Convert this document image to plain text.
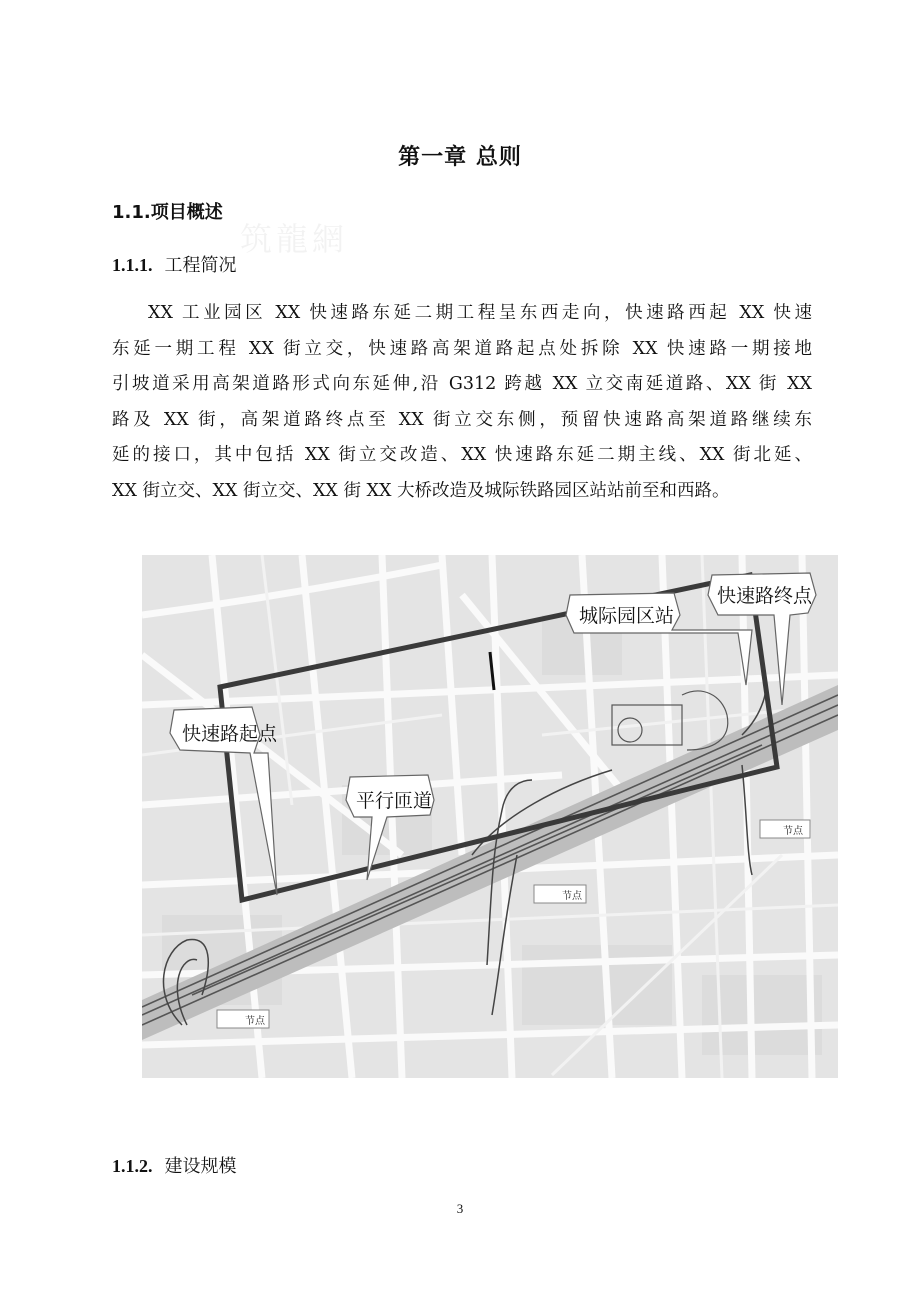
第一章 总则
筑龍網
1.1.项目概述
1.1.1. 工程简况
XX 工业园区 XX 快速路东延二期工程呈东西走向，快速路西起 XX 快速
东延一期工程 XX 街立交，快速路高架道路起点处拆除 XX 快速路一期接地
引坡道采用高架道路形式向东延伸,沿 G312 跨越 XX 立交南延道路、XX 街 XX
路及 XX 街，高架道路终点至 XX 街立交东侧，预留快速路高架道路继续东
延的接口，其中包括 XX 街立交改造、XX 快速路东延二期主线、XX 街北延、
XX 街立交、XX 街立交、XX 街 XX 大桥改造及城际铁路园区站站前至和西路。
快速路起点
平行匝道
城际园区站
快速路终点
节点
节点
节点
1.1.2. 建设规模
3
